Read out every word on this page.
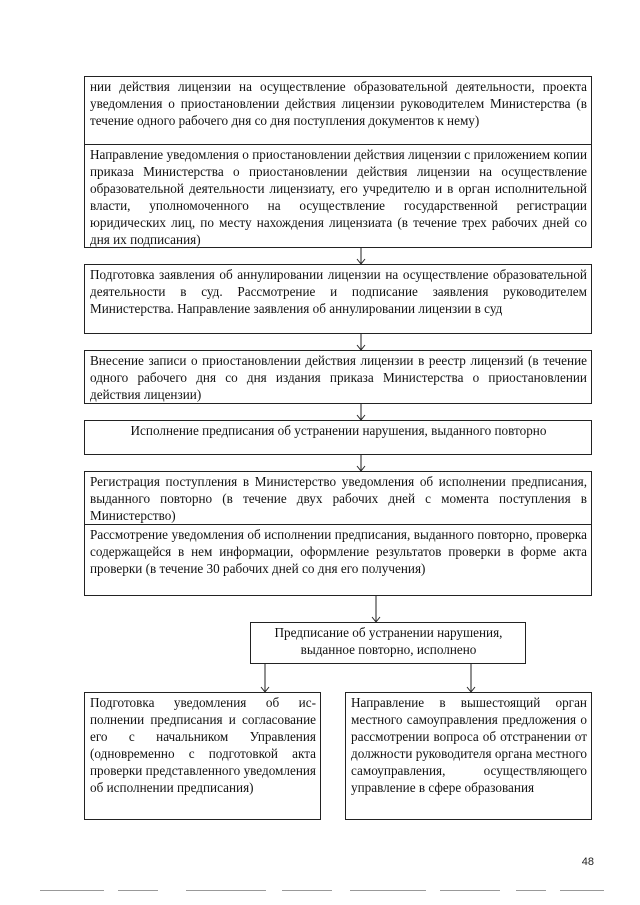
нии действия лицензии на осуществление образовательной деятельности, проекта уведомления о приостановлении действия лицензии руководителем Министерства (в течение одного рабочего дня со дня поступления документов к нему)
Направление уведомления о приостановлении действия лицензии с приложением копии приказа Министерства о приостановлении действия лицензии на осуществление образовательной деятельности лицензиату, его учредителю и в орган исполнительной власти, уполномоченного на осуществление государственной регистрации юридических лиц, по месту нахождения лицензиата (в течение трех рабочих дней со дня их подписания)
Подготовка заявления об аннулировании лицензии на осуществление образовательной деятельности в суд. Рассмотрение и подписание заявления руководителем Министерства. Направление заявления об аннулировании лицензии в суд
Внесение записи о приостановлении действия лицензии в реестр лицензий (в течение одного рабочего дня со дня издания приказа Министерства о приостановлении действия лицензии)
Исполнение предписания об устранении нарушения, выданного повторно
Регистрация поступления в Министерство уведомления об исполнении предписания, выданного повторно (в течение двух рабочих дней с момента поступления в Министерство)
Рассмотрение уведомления об исполнении предписания, выданного повторно, проверка содержащейся в нем информации, оформление результатов проверки в форме акта проверки (в течение 30 рабочих дней со дня его получения)
Предписание об устранении нарушения, выданное повторно, исполнено
Подготовка уведомления об исполнении предписания и согласование его с начальником Управления (одновременно с подготовкой акта проверки представленного уведомления об исполнении предписания)
Направление в вышестоящий орган местного самоуправления предложения о рассмотрении вопроса об отстранении от должности руководителя органа местного самоуправления, осуществляющего управление в сфере образования
48
